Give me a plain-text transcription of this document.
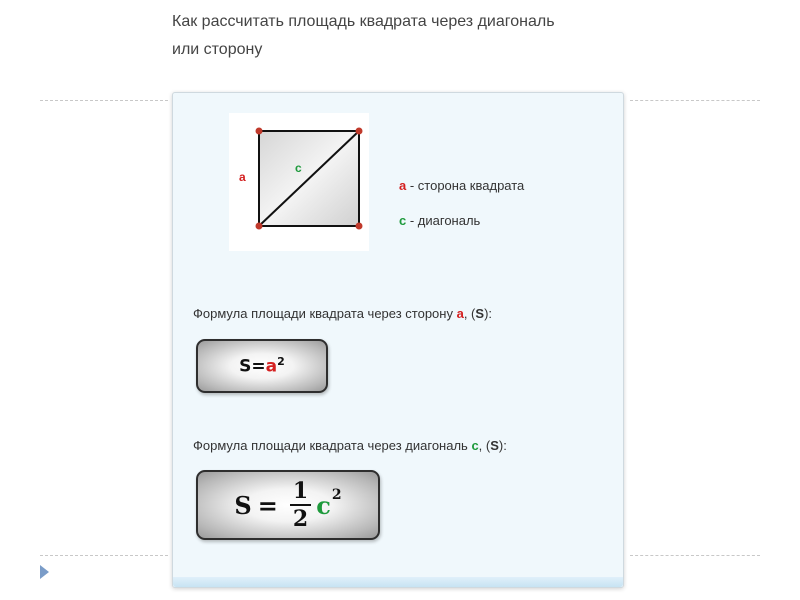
Как рассчитать площадь квадрата через диагональ
или сторону
a
c
a - сторона квадрата
c - диагональ
Формула площади квадрата через сторону a, (S):
$S=a^2$
Формула площади квадрата через диагональ c, (S):
$S = \frac{1}{2}$ c 2
